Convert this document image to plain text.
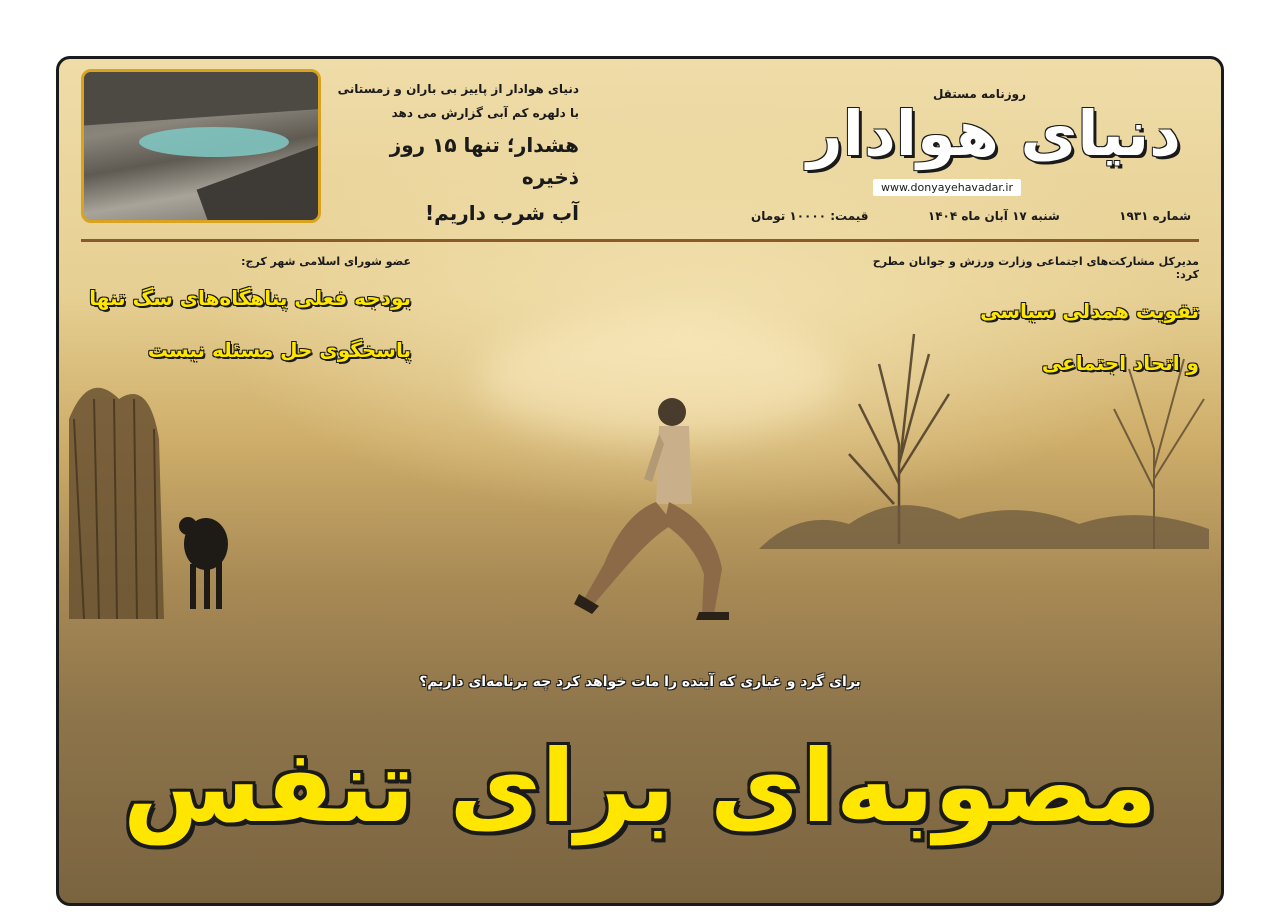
روزنامه مستقل
دنیای هوادار
www.donyayehavadar.ir
شماره ۱۹۳۱
شنبه ۱۷ آبان ماه ۱۴۰۴
قیمت: ۱۰۰۰۰ تومان
دنیای هوادار از پاییز بی باران و زمستانی
با دلهره کم آبی گزارش می دهد
هشدار؛ تنها ۱۵ روز ذخیره
آب شرب داریم!
عضو شورای اسلامی شهر کرج:
بودجه فعلی پناهگاه‌های سگ تنها
پاسخگوی حل مسئله نیست
مدیرکل مشارکت‌های اجتماعی وزارت ورزش و جوانان مطرح کرد:
تقویت همدلی سیاسی
و اتحاد اجتماعی
برای گرد و غباری که آینده را مات خواهد کرد چه برنامه‌ای داریم؟
مصوبه‌ای برای تنفس
